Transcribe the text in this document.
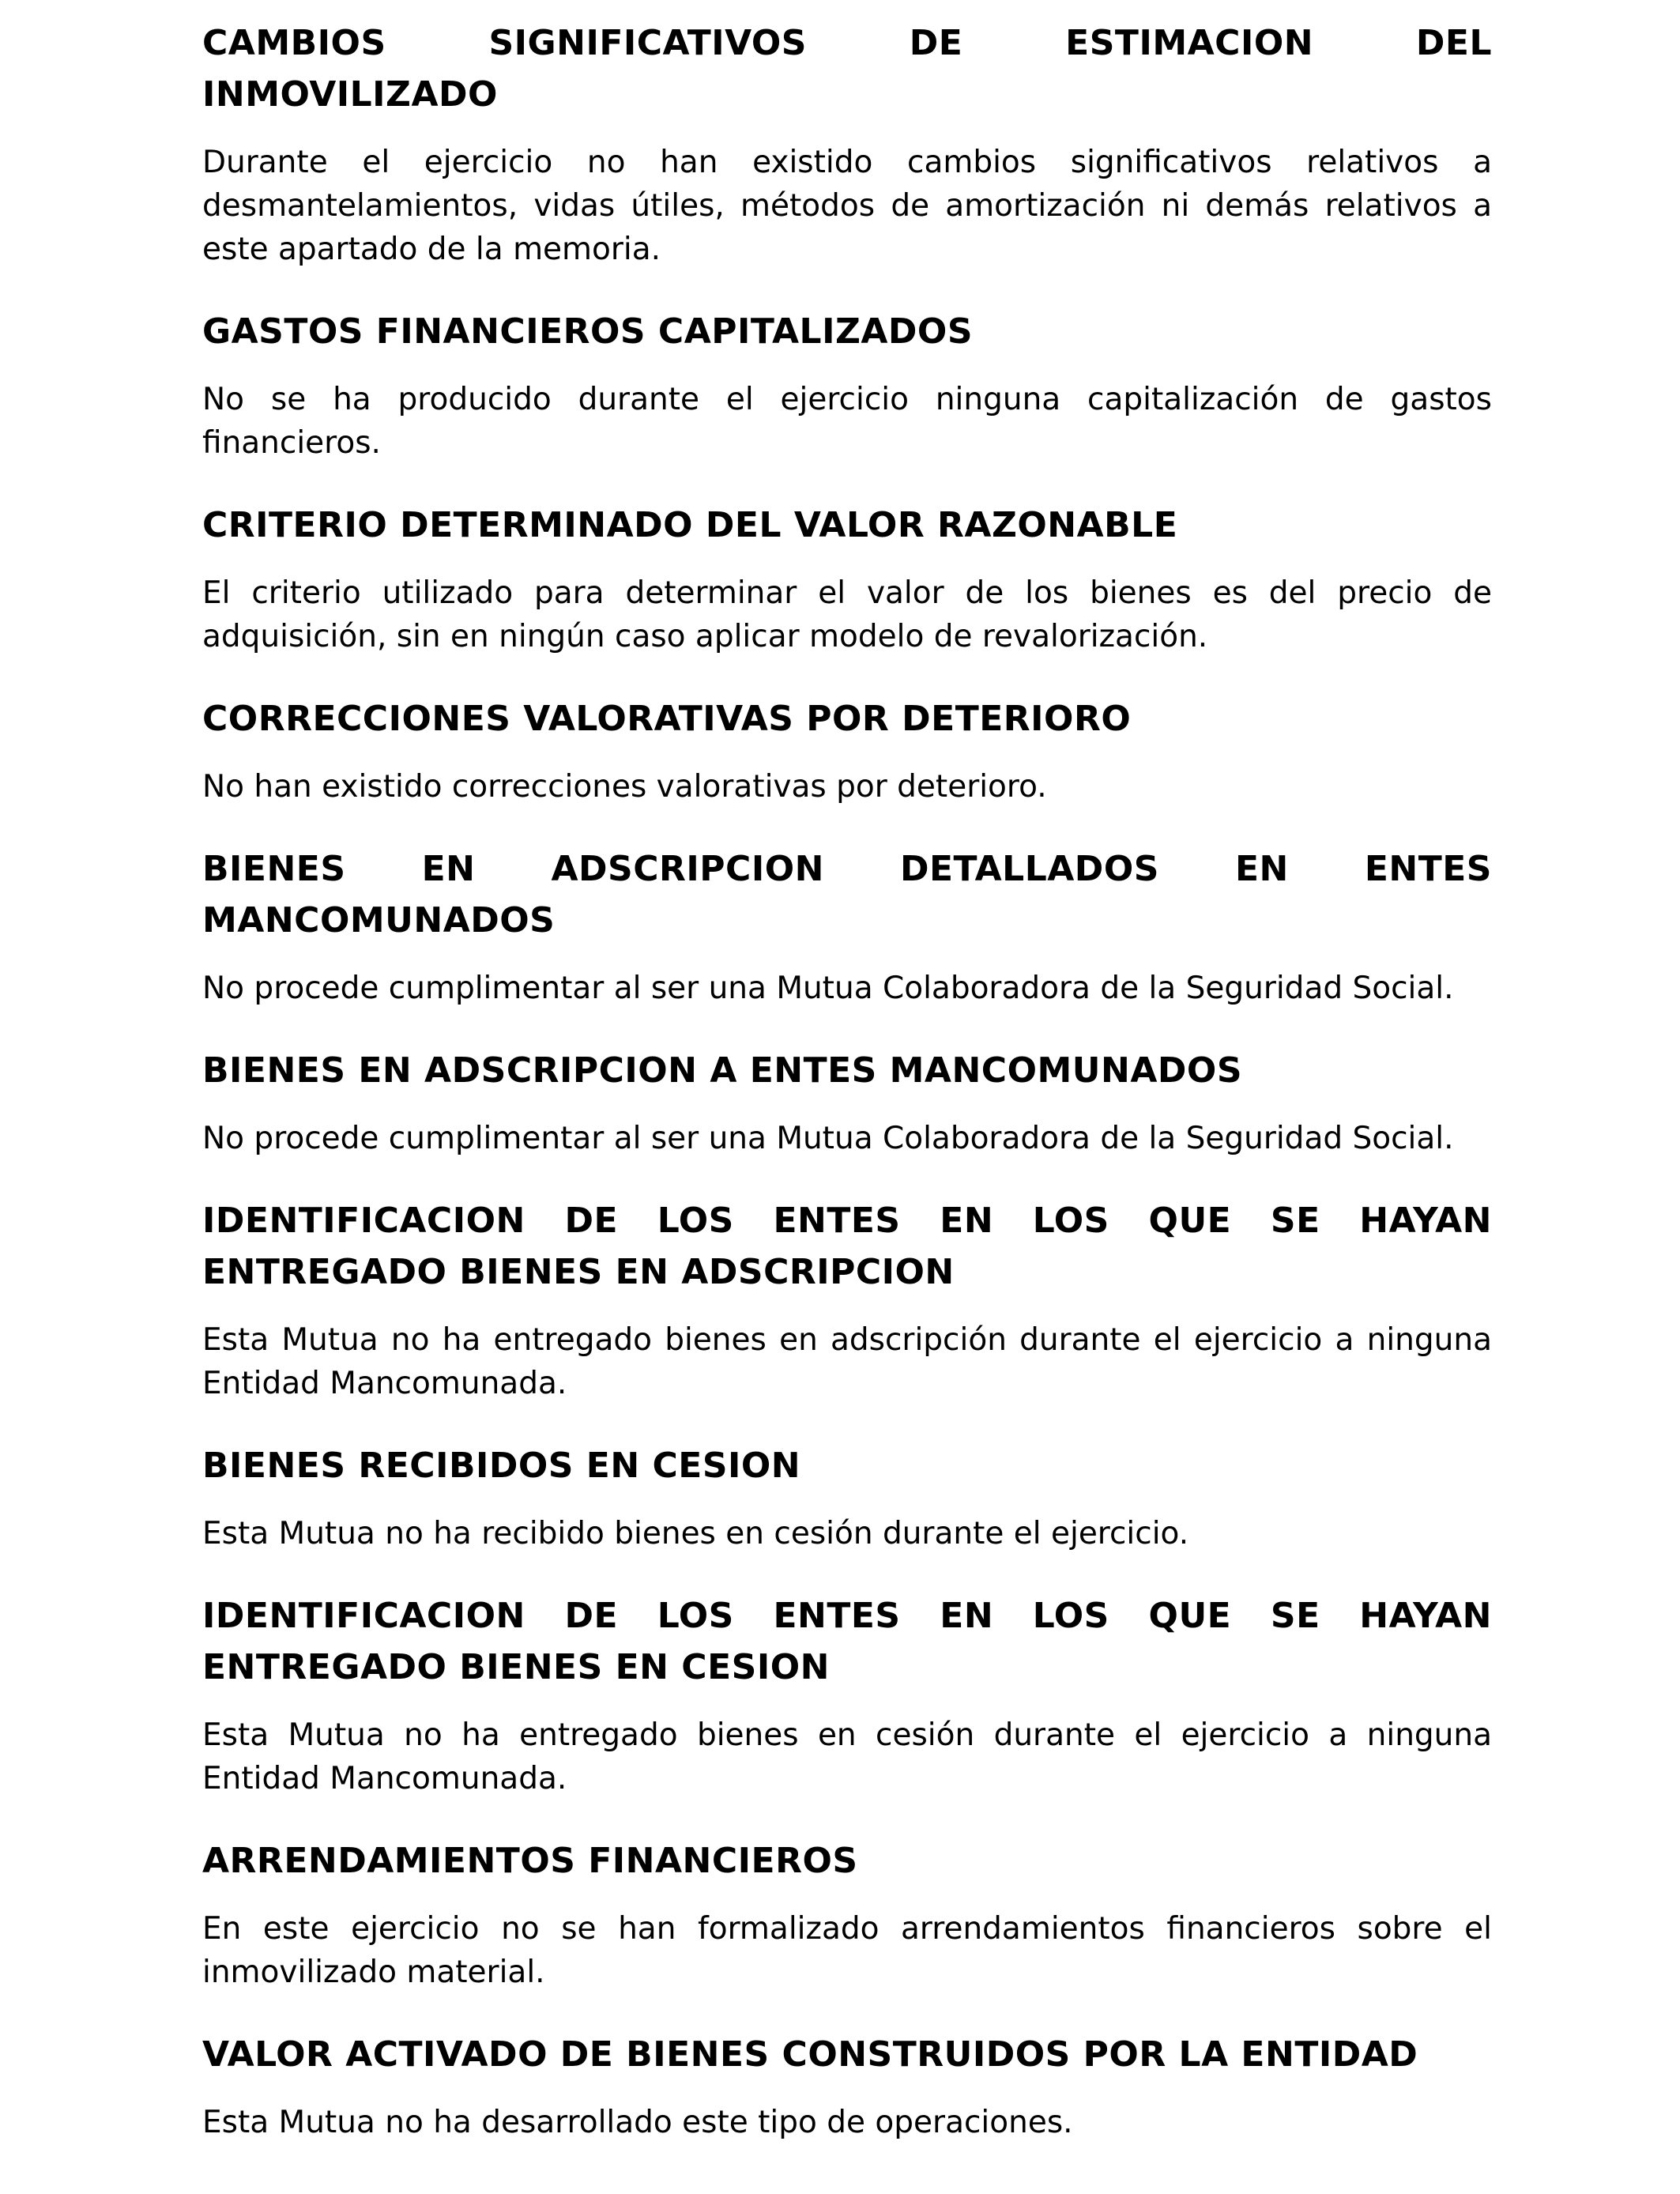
CAMBIOS SIGNIFICATIVOS DE ESTIMACION DEL
INMOVILIZADO

Durante el ejercicio no han existido cambios significativos relativos a desmantelamientos, vidas útiles, métodos de amortización ni demás relativos a este apartado de la memoria.

GASTOS FINANCIEROS CAPITALIZADOS

No se ha producido durante el ejercicio ninguna capitalización de gastos financieros.

CRITERIO DETERMINADO DEL VALOR RAZONABLE

El criterio utilizado para determinar el valor de los bienes es del precio de adquisición, sin en ningún caso aplicar modelo de revalorización.

CORRECCIONES VALORATIVAS POR DETERIORO

No han existido correcciones valorativas por deterioro.

BIENES EN ADSCRIPCION DETALLADOS EN ENTES
MANCOMUNADOS

No procede cumplimentar al ser una Mutua Colaboradora de la Seguridad Social.

BIENES EN ADSCRIPCION A ENTES MANCOMUNADOS

No procede cumplimentar al ser una Mutua Colaboradora de la Seguridad Social.

IDENTIFICACION DE LOS ENTES EN LOS QUE SE HAYAN
ENTREGADO BIENES EN ADSCRIPCION

Esta Mutua no ha entregado bienes en adscripción durante el ejercicio a ninguna Entidad Mancomunada.

BIENES RECIBIDOS EN CESION

Esta Mutua no ha recibido bienes en cesión durante el ejercicio.

IDENTIFICACION DE LOS ENTES EN LOS QUE SE HAYAN
ENTREGADO BIENES EN CESION

Esta Mutua no ha entregado bienes en cesión durante el ejercicio a ninguna Entidad Mancomunada.

ARRENDAMIENTOS FINANCIEROS

En este ejercicio no se han formalizado arrendamientos financieros sobre el inmovilizado material.

VALOR ACTIVADO DE BIENES CONSTRUIDOS POR LA ENTIDAD

Esta Mutua no ha desarrollado este tipo de operaciones.
